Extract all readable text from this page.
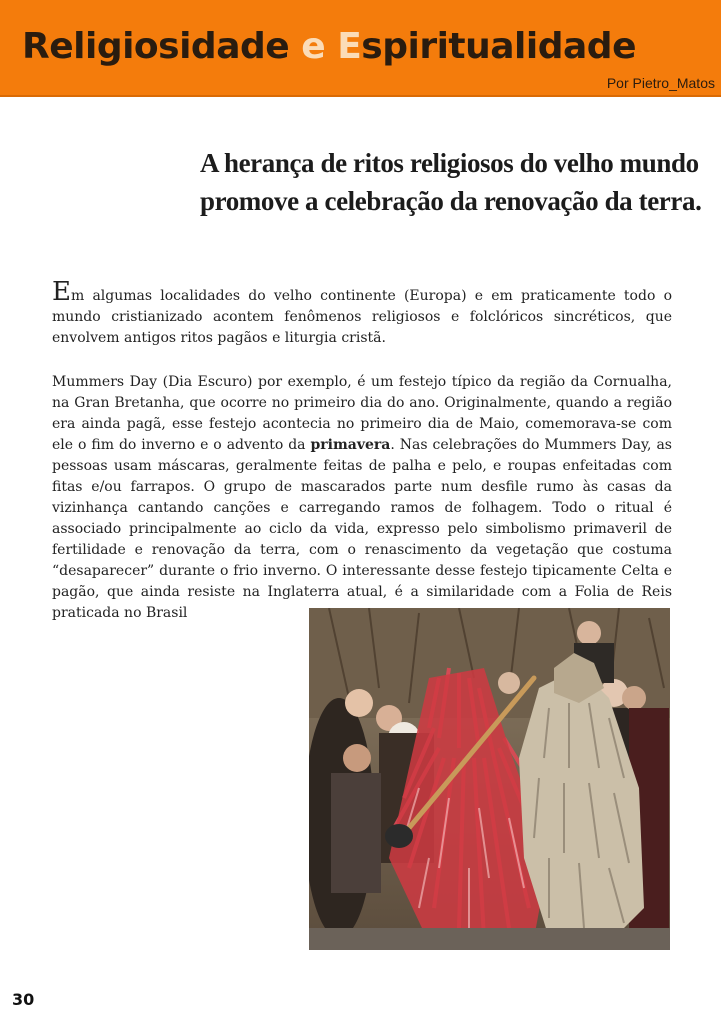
Religiosidade e Espiritualidade
Por Pietro_Matos
A herança de ritos religiosos do velho mundo
promove a celebração da renovação da terra.

Em algumas localidades do velho continente (Europa) e em praticamente todo o mundo cristianizado acontem fenômenos religiosos e folclóricos sincréticos, que envolvem antigos ritos pagãos e liturgia cristã.

Mummers Day (Dia Escuro) por exemplo, é um festejo típico da região da Cornualha, na Gran Bretanha, que ocorre no primeiro dia do ano. Originalmente, quando a região era ainda pagã, esse festejo acontecia no primeiro dia de Maio, comemorava-se com ele o fim do inverno e o advento da primavera. Nas celebrações do Mummers Day, as pessoas usam máscaras, geralmente feitas de palha e pelo, e roupas enfeitadas com fitas e/ou farrapos. O grupo de mascarados parte num desfile rumo às casas da vizinhança cantando canções e carregando ramos de folhagem. Todo o ritual é associado principalmente ao ciclo da vida, expresso pelo simbolismo primaveril de fertilidade e renovação da terra, com o renascimento da vegetação que costuma “desaparecer” durante o frio inverno. O interessante desse festejo tipicamente Celta e pagão, que ainda resiste na Inglaterra atual, é a similaridade com a Folia de Reis praticada no Brasil

30
